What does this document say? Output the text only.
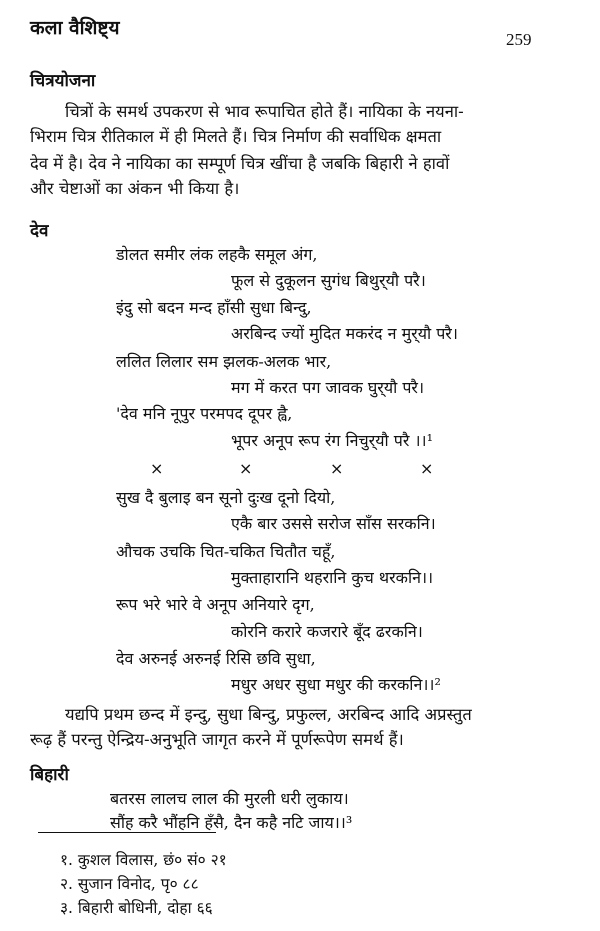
कला वैशिष्ट्य
259
चित्रयोजना
चित्रों के समर्थ उपकरण से भाव रूपाचित होते हैं। नायिका के नयना-
भिराम चित्र रीतिकाल में ही मिलते हैं। चित्र निर्माण की सर्वाधिक क्षमता
देव में है। देव ने नायिका का सम्पूर्ण चित्र खींचा है जबकि बिहारी ने हावों
और चेष्टाओं का अंकन भी किया है।
देव
डोलत समीर लंक लहकै समूल अंग,
फूल से दुकूलन सुगंध बिथुर्‌यौ परै।
इंदु सो बदन मन्द हाँसी सुधा बिन्दु,
अरबिन्द ज्यों मुदित मकरंद न मुर्‌यौ परै।
ललित लिलार सम झलक-अलक भार,
मग में करत पग जावक घुर्‌यौ परै।
'देव मनि नूपुर परमपद दूपर ह्वै,
भूपर अनूप रूप रंग निचुर्‌यौ परै ।।¹
×	×	×	×
सुख दै बुलाइ बन सूनो दुःख दूनो दियो,
एकै बार उससे सरोज साँस सरकनि।
औचक उचकि चित-चकित चितौत चहूँ,
मुक्ताहारानि थहरानि कुच थरकनि।।
रूप भरे भारे वे अनूप अनियारे दृग,
कोरनि करारे कजरारे बूँद ढरकनि।
देव अरुनई अरुनई रिसि छवि सुधा,
मधुर अधर सुधा मधुर की करकनि।।²
यद्यपि प्रथम छन्द में इन्दु, सुधा बिन्दु, प्रफुल्ल, अरबिन्द आदि अप्रस्तुत
रूढ़ हैं परन्तु ऐन्द्रिय-अनुभूति जागृत करने में पूर्णरूपेण समर्थ हैं।
बिहारी
बतरस लालच लाल की मुरली धरी लुकाय।
सौंह करै भौंहनि हँसै, दैन कहै नटि जाय।।³
१. कुशल विलास, छं० सं० २१
२. सुजान विनोद, पृ० ८८
३. बिहारी बोधिनी, दोहा ६६
